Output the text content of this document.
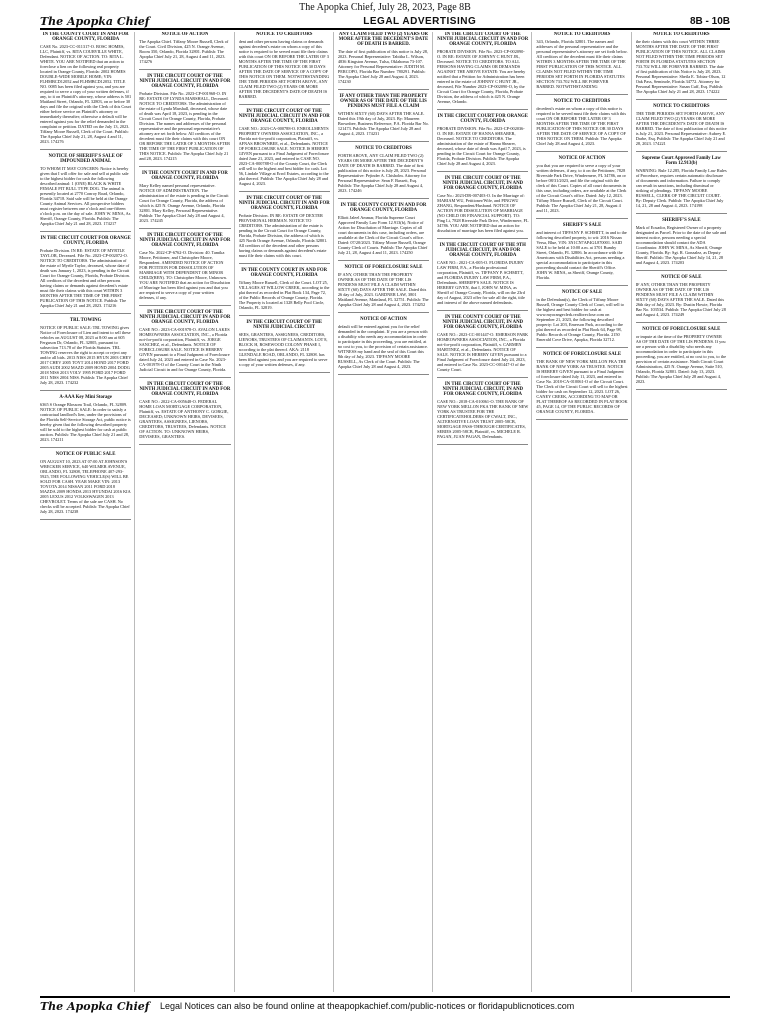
The Apopka Chief, July 28, 2023, Page 8B
The Apopka Chief	LEGAL ADVERTISING	8B - 10B
IN THE COUNTY COURT IN AND FOR ORANGE COUNTY, FLORIDA

CASE No. 2023-CC-011317-O. BOSC HOMES, LLC, Plaintiff, vs. RITA COURVILLE WHITE, Defendant. NOTICE OF ACTION. TO: RITA L. WHITE. YOU ARE NOTIFIED that an action to foreclose a lien on the following real property located in Orange County, Florida: 2002 HOMES DOUBLE-WIDE MOBILE HOME; VIN: FLHMBCD12052 and FLHMBCD12052. TITLE NO. 0085 has been filed against you, and you are required to serve a copy of your written defenses, if any, to it on Plaintiff's attorney, whose address is 501 Maitland Street, Orlando, FL 32803, on or before 30 days and file the original with the Clerk of this Court either before service on Plaintiff's attorney or immediately thereafter; otherwise a default will be entered against you for the relief demanded in the complaint or petition. DATED on the July 13, 2023. Tiffany Moore Russell, Clerk of the Court. Publish: The Apopka Chief July 21, 28, August 4 and 11, 2023. 174276

NOTICE OF SHERIFF'S SALE OF IMPOUNDED ANIMAL

TO WHOM IT MAY CONCERN: Notice is hereby given that I will offer for sale and sell at public sale to the highest bidder for cash the following described animal: 1 (ONE) BLACK & WHITE FEMALE PIT BULL TYPE DOG. The animal is presently located at 2770 Conroy Road, Orlando, Florida 34718. Said sale will be held at the Orange County Animal Services. All prospective bidders must register between one o'clock and one-fifteen o'clock p.m. on the day of sale. JOHN W. MINA, As Sheriff, Orange County, Florida. Publish: The Apopka Chief July 21 and 28, 2023. 174217

IN THE CIRCUIT COURT FOR ORANGE COUNTY, FLORIDA

Probate Division. IN RE: ESTATE OF MYRTLE TAYLOR, Deceased. File No. 2023-CP-002072-O. NOTICE TO CREDITORS. The administration of the estate of Myrtle Taylor, deceased, whose date of death was January 1, 2023, is pending in the Circuit Court for Orange County, Florida, Probate Division. All creditors of the decedent and other persons having claims or demands against decedent's estate must file their claims with this court WITHIN 3 MONTHS AFTER THE TIME OF THE FIRST PUBLICATION OF THIS NOTICE. Publish: The Apopka Chief July 21 and 28, 2023. 174216

TRL TOWING

NOTICE OF PUBLIC SALE: TRL TOWING gives Notice of Foreclosure of Lien and intent to sell these vehicles on AUGUST 08, 2023 at 8:00 am at 605 Ferguson Dr, Orlando, FL 32805, pursuant to subsection 713.78 of the Florida Statutes. TRL TOWING reserves the right to accept or reject any and/or all bids. 2013 NISS 2015 HYUN 2003 CHEV 2017 CHEV 2005 TOYT 2014 HOND 2017 FORD 2005 AUDI 2002 MAZD 2009 HOND 2004 DODG 2018 NISS 2013 VOLV 1995 FORD 2017 FORD 2011 NISS 2004 NISS. Publish: The Apopka Chief July 28, 2023. 174232

A-AAA Key Mini Storage

6365 S Orange Blossom Trail, Orlando, FL 32809. NOTICE OF PUBLIC SALE: In order to satisfy a contractual landlord's lien, under the provisions of the Florida Self-Service Storage Act, public notice is hereby given that the following described property will be sold to the highest bidder for cash at public auction. Publish: The Apopka Chief July 21 and 28, 2023. 174211

NOTICE OF PUBLIC SALE

ON AUGUST 10, 2023 AT 07:00 AT JOHNSON'S WRECKER SERVICE, 640 WILMER AVENUE, ORLANDO, FL 32808, TELEPHONE 407-293-5925, THE FOLLOWING VEHICLE(S) WILL BE SOLD FOR CASH. YEAR MAKE VIN: 2013 TOYOTA 2014 NISSAN 2011 FORD 2018 MAZDA 2009 HONDA 2013 HYUNDAI 2016 KIA 2005 LEXUS 2012 VOLKSWAGEN 2013 CHEVROLET. Terms of the sale are CASH. No checks will be accepted. Publish: The Apopka Chief July 28, 2023. 174238

NOTICE OF ACTION

The Apopka Chief. Tiffany Moore Russell, Clerk of the Court. Civil Division, 425 N. Orange Avenue, Room 350, Orlando, Florida 32801. Publish: The Apopka Chief July 21, 28, August 4 and 11, 2023. 174276

IN THE CIRCUIT COURT OF THE NINTH JUDICIAL CIRCUIT IN AND FOR ORANGE COUNTY, FLORIDA

Probate Division. File No. 2023-CP-001968-O. IN RE: ESTATE OF LYNDA MARSHALL, Deceased. NOTICE TO CREDITORS. The administration of the estate of Lynda Marshall, deceased, whose date of death was April 18, 2023, is pending in the Circuit Court for Orange County, Florida, Probate Division. The names and addresses of the personal representative and the personal representative's attorney are set forth below. All creditors of the decedent must file their claims with this court ON OR BEFORE THE LATER OF 3 MONTHS AFTER THE TIME OF THE FIRST PUBLICATION OF THIS NOTICE. Publish: The Apopka Chief July 21 and 28, 2023. 174215

IN THE COUNTY COURT IN AND FOR ORANGE COUNTY, FLORIDA

Mary Kelley named personal representative. NOTICE OF ADMINISTRATION. The administration of the estate is pending in the Circuit Court for Orange County, Florida, the address of which is 425 N. Orange Avenue, Orlando, Florida 32801. Mary Kelley, Personal Representative. Publish: The Apopka Chief July 28 and August 4, 2023. 174245

IN THE CIRCUIT COURT OF THE NINTH JUDICIAL CIRCUIT IN AND FOR ORANGE COUNTY, FLORIDA

Case No. 2022-CP-6762-O. Division: 40. Tamika Moore, Petitioner, and Christopher Moore, Respondent. AMENDED NOTICE OF ACTION FOR PETITION FOR DISSOLUTION OF MARRIAGE WITH DEPENDENT OR MINOR CHILD(REN). TO: Christopher Moore, Unknown. YOU ARE NOTIFIED that an action for Dissolution of Marriage has been filed against you and that you are required to serve a copy of your written defenses, if any.

IN THE CIRCUIT COURT OF THE NINTH JUDICIAL CIRCUIT IN AND FOR ORANGE COUNTY, FLORIDA

CASE NO.: 2023-CA-001978-O. AVALON LAKES HOMEOWNERS ASSOCIATION, INC., a Florida not-for-profit corporation, Plaintiff, vs. JORGE SANCHEZ, et al., Defendants. NOTICE OF FORECLOSURE SALE. NOTICE IS HEREBY GIVEN pursuant to a Final Judgment of Foreclosure dated July 24, 2023 and entered in Case No. 2023-CA-001978-O of the County Court in the Ninth Judicial Circuit in and for Orange County, Florida.

IN THE CIRCUIT COURT OF THE NINTH JUDICIAL CIRCUIT IN AND FOR ORANGE COUNTY, FLORIDA

CASE NO.: 2022-CA-005648-O. FEDERAL HOME LOAN MORTGAGE CORPORATION, Plaintiff, vs. ESTATE OF ANTHONY C. GORGIE, DECEASED; UNKNOWN HEIRS, DEVISEES, GRANTEES, ASSIGNEES, LIENORS, CREDITORS, TRUSTEES, Defendants. NOTICE OF ACTION. TO: UNKNOWN HEIRS, DEVISEES, GRANTEES.

NOTICE TO CREDITORS

dent and other persons having claims or demands against decedent's estate on whom a copy of this notice is required to be served must file their claims with this court ON OR BEFORE THE LATER OF 3 MONTHS AFTER THE TIME OF THE FIRST PUBLICATION OF THIS NOTICE OR 30 DAYS AFTER THE DATE OF SERVICE OF A COPY OF THIS NOTICE ON THEM. NOTWITHSTANDING THE TIME PERIODS SET FORTH ABOVE, ANY CLAIM FILED TWO (2) YEARS OR MORE AFTER THE DECEDENT'S DATE OF DEATH IS BARRED.

IN THE CIRCUIT COURT OF THE NINTH JUDICIAL CIRCUIT IN AND FOR ORANGE COUNTY, FLORIDA

CASE NO.: 2023-CA-000788-O. ENROLLMENTS PROPERTY OWNERS ASSOCIATION, INC., a Florida not-for-profit corporation, Plaintiff, vs. AFNAS BROWNBEE, et al., Defendants. NOTICE OF FORECLOSURE SALE. NOTICE IS HEREBY GIVEN pursuant to a Final Judgment of Foreclosure dated June 21, 2023, and entered in CASE NO. 2023-CA-000788-O of the County Court, the Clerk will sell to the highest and best bidder for cash. Lot 56, Lindale Village at Errol Estates, according to the plat thereof. Publish: The Apopka Chief July 28 and August 4, 2023.

IN THE CIRCUIT COURT OF THE NINTH JUDICIAL CIRCUIT IN AND FOR ORANGE COUNTY, FLORIDA

Probate Division. IN RE: ESTATE OF DEXTER PROVISIONAL HERMAN. NOTICE TO CREDITORS. The administration of the estate is pending in the Circuit Court for Orange County, Florida, Probate Division, the address of which is 425 North Orange Avenue, Orlando, Florida 32801. All creditors of the decedent and other persons having claims or demands against decedent's estate must file their claims with this court.

IN THE COUNTY COURT IN AND FOR ORANGE COUNTY, FLORIDA

Tiffany Moore Russell, Clerk of the Court. LOT 25, VILLAGES AT WILLOW CREEK, according to the plat thereof as recorded in Plat Book 134, Page 72, of the Public Records of Orange County, Florida. The Property is located at 1328 Belly Pool Circle, Orlando, FL 32819.

IN THE CIRCUIT COURT OF THE NINTH JUDICIAL CIRCUIT

SEES, GRANTEES, ASSIGNEES, CREDITORS, LIENORS, TRUSTEES OF CLAIMANTS. LOT 8, BLOCK H, ROSEWOOD COLONY PHASE I, according to the plat thereof. AKA: 2118 GLENDALE ROAD, ORLANDO, FL 32808. has been filed against you and you are required to serve a copy of your written defenses, if any.

ANY CLAIM FILED TWO (2) YEARS OR MORE AFTER THE DECEDENT'S DATE OF DEATH IS BARRED.

The date of first publication of this notice is July 28, 2023. Personal Representative: Tabitha L. Wilson, 4836 Kingston Avenue, Tulsa, Oklahoma 73-107. Attorney for Personal Representative: JUDITH M. PERCOPO, Florida Bar Number: 780291. Publish: The Apopka Chief July 28 and August 4, 2023. 174230

IF ANY OTHER THAN THE PROPERTY OWNER AS OF THE DATE OF THE LIS PENDENS MUST FILE A CLAIM

WITHIN SIXTY (60) DAYS AFTER THE SALE. Dated this 19th day of July, 2023. By: Maureen Brownbee, Business Reference, P.A. Florida Bar No. 121473. Publish: The Apopka Chief July 28 and August 4, 2023. 174231

NOTICE TO CREDITORS

FORTH ABOVE, ANY CLAIM FILED TWO (2) YEARS OR MORE AFTER THE DECEDENT'S DATE OF DEATH IS BARRED. The date of first publication of this notice is July 28, 2023. Personal Representative: Pejinder A. Chisholm. Attorney for Personal Representative: Sean F. Bassett, Esq. Publish: The Apopka Chief July 28 and August 4, 2023. 174246

IN THE COUNTY COURT IN AND FOR ORANGE COUNTY, FLORIDA

Elliott Jaleel Ammar, Florida Supreme Court Approved Family Law Form 12.913(b), Notice of Action for Dissolution of Marriage. Copies of all court documents in this case, including orders, are available at the Clerk of the Circuit Court's office. Dated: 07/20/2023. Tiffany Moore Russell, Orange County Clerk of Courts. Publish: The Apopka Chief July 21, 28, August 4 and 11, 2023. 174250

NOTICE OF FORECLOSURE SALE

IF ANY, OTHER THAN THE PROPERTY OWNER AS OF THE DATE OF THE LIS PENDENS MUST FILE A CLAIM WITHIN SIXTY (60) DAYS AFTER THE SALE. Dated this 26 day of July, 2023. GARDNER LAW, 3801 Maitland Avenue, Mainland, FL 32751. Publish: The Apopka Chief July 28 and August 4, 2023. 174252

NOTICE OF ACTION

default will be entered against you for the relief demanded in the complaint. If you are a person with a disability who needs any accommodation in order to participate in this proceeding, you are entitled, at no cost to you, to the provision of certain assistance. WITNESS my hand and the seal of this Court this 8th day of July, 2023. TIFFANY MOORE RUSSELL, As Clerk of the Court. Publish: The Apopka Chief July 28 and August 4, 2023.

IN THE CIRCUIT COURT OF THE NINTH JUDICIAL CIRCUIT IN AND FOR ORANGE COUNTY, FLORIDA

PROBATE DIVISION. File No. 2023-CP-002090-O. IN RE: ESTATE OF JOHNNY C HUNT JR., Deceased. NOTICE TO CREDITORS. TO ALL PERSONS HAVING CLAIMS OR DEMANDS AGAINST THE ABOVE ESTATE: You are hereby notified that a Petition for Administration has been entered in the estate of JOHNNY C HUNT JR., deceased, File Number 2023-CP-002090-O, by the Circuit Court for Orange County, Florida, Probate Division, the address of which is 425 N. Orange Avenue, Orlando.

IN THE CIRCUIT COURT FOR ORANGE COUNTY, FLORIDA

PROBATE DIVISION. File No. 2023-CP-002036-O. IN RE: ESTATE OF HANNA SHEARER, Deceased. NOTICE TO CREDITORS. The administration of the estate of Hanna Shearer, deceased, whose date of death was April 7, 2023, is pending in the Circuit Court for Orange County, Florida, Probate Division. Publish: The Apopka Chief July 28 and August 4, 2023.

IN THE CIRCUIT COURT OF THE NINTH JUDICIAL CIRCUIT, IN AND FOR ORANGE COUNTY, FLORIDA

Case No.: 2023-DR-007403-O. In the Marriage of: MARIAM WU, Petitioner/Wife, and PINGWU ZHANG, Respondent/Husband. NOTICE OF ACTION FOR DISSOLUTION OF MARRIAGE (NO CHILD OR FINANCIAL SUPPORT). TO: Ping Li, 7828 Riverside Park Drive, Windermere, FL 34786. YOU ARE NOTIFIED that an action for dissolution of marriage has been filed against you.

IN THE CIRCUIT COURT OF THE 9TH JUDICIAL CIRCUIT, IN AND FOR ORANGE COUNTY, FLORIDA

CASE NO.: 2021-CA-005-O. FLORIDA INJURY LAW FIRM, P.A., a Florida professional corporation, Plaintiff, vs. TIFFANY P. SCHMITT, and FLORIDA INJURY LAW FIRM, P.A., Defendants. SHERIFF'S SALE. NOTICE IS HEREBY GIVEN, that I, JOHN W. MINA, as Sheriff of Orange County, Florida, will on the 23rd day of August, 2023 offer for sale all the right, title and interest of the above named defendants.

IN THE COUNTY COURT OF THE NINTH JUDICIAL CIRCUIT, IN AND FOR ORANGE COUNTY, FLORIDA

CASE NO.: 2023-CC-001447-O. EMERSON PARK HOMEOWNERS ASSOCIATION, INC., a Florida not-for-profit corporation, Plaintiff, v. CARMEN MARTINEZ, et al., Defendants. NOTICE OF SALE. NOTICE IS HEREBY GIVEN pursuant to a Final Judgment of Foreclosure dated July 24, 2023, and entered in Case No. 2023-CC-001447-O of the County Court.

IN THE CIRCUIT COURT OF THE NINTH JUDICIAL CIRCUIT, IN AND FOR ORANGE COUNTY, FLORIDA

CASE NO.: 2018-CA-010061-O. THE BANK OF NEW YORK MELLON FKA THE BANK OF NEW YORK AS TRUSTEE FOR THE CERTIFICATEHOLDERS OF CWALT, INC., ALTERNATIVE LOAN TRUST 2005-58CB, MORTGAGE PASS-THROUGH CERTIFICATES, SERIES 2005-58CB, Plaintiff, vs. MICHELE R. PAGAN, JUAN PAGAN, Defendants.

NOTICE TO CREDITORS

343, Orlando, Florida 32801. The names and addresses of the personal representative and the personal representative's attorney are set forth below. All creditors of the decedent must file their claims WITHIN 3 MONTHS AFTER THE TIME OF THE FIRST PUBLICATION OF THIS NOTICE. ALL CLAIMS NOT FILED WITHIN THE TIME PERIODS SET FORTH IN FLORIDA STATUTES SECTION 733.702 WILL BE FOREVER BARRED. NOTWITHSTANDING

NOTICE TO CREDITORS

decedent's estate on whom a copy of this notice is required to be served must file their claims with this court ON OR BEFORE THE LATER OF 3 MONTHS AFTER THE TIME OF THE FIRST PUBLICATION OF THIS NOTICE OR 30 DAYS AFTER THE DATE OF SERVICE OF A COPY OF THIS NOTICE ON THEM. Publish: The Apopka Chief July 28 and August 4, 2023.

NOTICE OF ACTION

you that you are required to serve a copy of your written defenses, if any, to it on the Petitioner, 7828 Riverside Park Drive, Windermere, FL 34786, on or before 08/31/2023, and file the original with the clerk of this Court. Copies of all court documents in this case, including orders, are available at the Clerk of the Circuit Court's office. Dated: July 12, 2023. Tiffany Moore Russell, Clerk of the Circuit Court. Publish: The Apopka Chief July 21, 28, August 4 and 11, 2023.

SHERIFF'S SALE

and interest of TIFFANY P. SCHMITT, in and to the following described property, to wit: 2016 Nissan Versa, Blue, VIN: 3N1CN7AP4GL870001. SAID SALE to be held at 10:00 a.m. at 3701 Bumby Street, Orlando, FL 32806. In accordance with the Americans with Disabilities Act, persons needing a special accommodation to participate in this proceeding should contact the Sheriff's Office. JOHN W. MINA, as Sheriff, Orange County, Florida.

NOTICE OF SALE

in the Defendant(s), the Clerk of Tiffany Moore Russell, Orange County Clerk of Court, will sell to the highest and best bidder for cash at www.myorangeclerk.realforeclose.com on September 21, 2023, the following described property: Lot 203, Emerson Park, according to the plat thereof as recorded in Plat Book 64, Page 98, Public Records of Orange County, Florida. 2150 Emerald Cove Drive, Apopka, Florida 32712.

NOTICE OF FORECLOSURE SALE

THE BANK OF NEW YORK MELLON FKA THE BANK OF NEW YORK AS TRUSTEE. NOTICE IS HEREBY GIVEN pursuant to a Final Judgment of foreclosure dated July 11, 2023, and entered in Case No. 2018-CA-010061-O of the Circuit Court. The Clerk of the Circuit Court will sell to the highest bidder for cash on September 12, 2023. LOT 26, CANEY CREEK, ACCORDING TO MAP OR PLAT THEREOF AS RECORDED IN PLAT BOOK 45, PAGE 14, OF THE PUBLIC RECORDS OF ORANGE COUNTY, FLORIDA.

NOTICE TO CREDITORS

the their claims with this court WITHIN THREE MONTHS AFTER THE DATE OF THE FIRST PUBLICATION OF THIS NOTICE. ALL CLAIMS NOT FILED WITHIN THE TIME PERIODS SET FORTH IN FLORIDA STATUTES SECTION 733.702 WILL BE FOREVER BARRED. The date of first publication of this Notice is July 28, 2023. Personal Representative: Sheila E. Tobias-Olson, 12 Oak Pass, Seminole, Florida 34772. Attorney for Personal Representative: Susan Cuff, Esq. Publish: The Apopka Chief July 21 and 28, 2023. 174222

NOTICE TO CREDITORS

THE TIME PERIODS SET FORTH ABOVE, ANY CLAIM FILED TWO (2) YEARS OR MORE AFTER THE DECEDENT'S DATE OF DEATH IS BARRED. The date of first publication of this notice is July 21, 2023. Personal Representative: Aubrey E. Darbe, Esq. Publish: The Apopka Chief July 21 and 28, 2023. 174221

Supreme Court Approved Family Law Form 12.913(b)

WARNING: Rule 12.285, Florida Family Law Rules of Procedure, requires certain automatic disclosure of documents and information. Failure to comply can result in sanctions, including dismissal or striking of pleadings. TIFFANY MOORE RUSSELL, CLERK OF THE CIRCUIT COURT. By: Deputy Clerk. Publish: The Apopka Chief July 14, 21, 28 and August 4, 2023. 174198

SHERIFF'S SALE

Mark of Ecuador, Registered Owner of a property designated as Parcel. Prior to the date of the sale and interest notice, persons needing a special accommodation should contact the ADA Coordinator. JOHN W. MINA, As Sheriff, Orange County, Florida. By: Sgt. R. Gonzalez, as Deputy Sheriff. Publish: The Apopka Chief July 14, 21, 28 and August 4, 2023. 174203

NOTICE OF SALE

IF ANY, OTHER THAN THE PROPERTY OWNER AS OF THE DATE OF THE LIS PENDENS MUST FILE A CLAIM WITHIN SIXTY (60) DAYS AFTER THE SALE. Dated this 26th day of July, 2023. By: Dustin Howie, Florida Bar No. 103534. Publish: The Apopka Chief July 28 and August 4, 2023. 174249

NOTICE OF FORECLOSURE SALE

or impute at the time of the PROPERTY OWNER AS OF THE DATE OF THE LIS PENDENS. If you are a person with a disability who needs any accommodation in order to participate in this proceeding, you are entitled, at no cost to you, to the provision of certain assistance. Ninth Circuit Court Administration, 425 N. Orange Avenue, Suite 510, Orlando, Florida 32801. Dated: July 13, 2023. Publish: The Apopka Chief July 28 and August 4, 2023.

The Apopka Chief	Legal Notices can also be found online at theapopkachief.com/public-notices or floridapublicnotices.com
